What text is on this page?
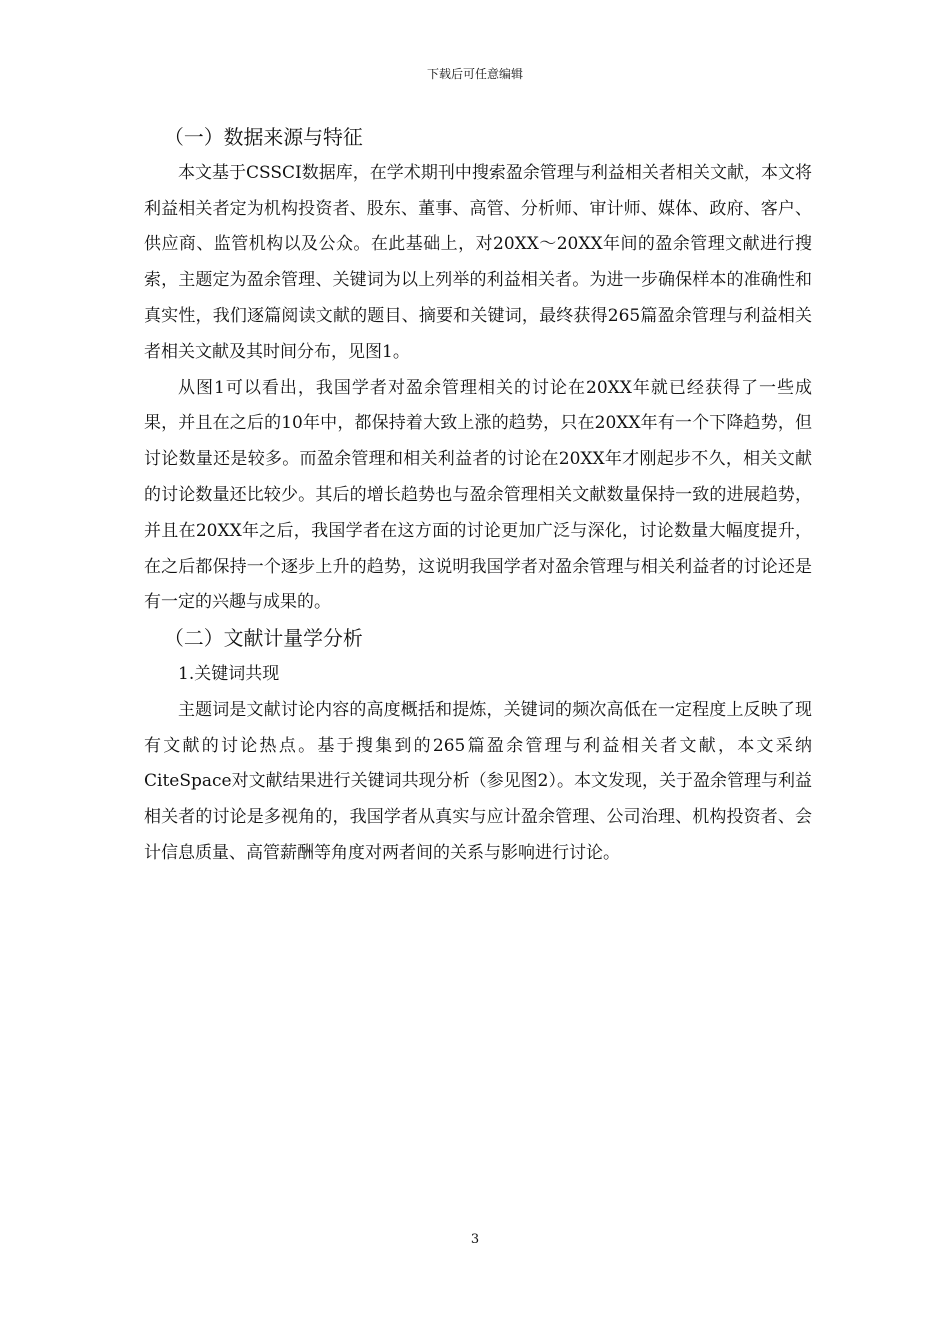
下载后可任意编辑
（一）数据来源与特征

本文基于CSSCI数据库，在学术期刊中搜索盈余管理与利益相关者相关文献，本文将利益相关者定为机构投资者、股东、董事、高管、分析师、审计师、媒体、政府、客户、供应商、监管机构以及公众。在此基础上，对20XX～20XX年间的盈余管理文献进行搜索，主题定为盈余管理、关键词为以上列举的利益相关者。为进一步确保样本的准确性和真实性，我们逐篇阅读文献的题目、摘要和关键词，最终获得265篇盈余管理与利益相关者相关文献及其时间分布，见图1。

从图1可以看出，我国学者对盈余管理相关的讨论在20XX年就已经获得了一些成果，并且在之后的10年中，都保持着大致上涨的趋势，只在20XX年有一个下降趋势，但讨论数量还是较多。而盈余管理和相关利益者的讨论在20XX年才刚起步不久，相关文献的讨论数量还比较少。其后的增长趋势也与盈余管理相关文献数量保持一致的进展趋势，并且在20XX年之后，我国学者在这方面的讨论更加广泛与深化，讨论数量大幅度提升，在之后都保持一个逐步上升的趋势，这说明我国学者对盈余管理与相关利益者的讨论还是有一定的兴趣与成果的。

（二）文献计量学分析
1.关键词共现

主题词是文献讨论内容的高度概括和提炼，关键词的频次高低在一定程度上反映了现有文献的讨论热点。基于搜集到的265篇盈余管理与利益相关者文献，本文采纳CiteSpace对文献结果进行关键词共现分析（参见图2）。本文发现，关于盈余管理与利益相关者的讨论是多视角的，我国学者从真实与应计盈余管理、公司治理、机构投资者、会计信息质量、高管薪酬等角度对两者间的关系与影响进行讨论。

3
